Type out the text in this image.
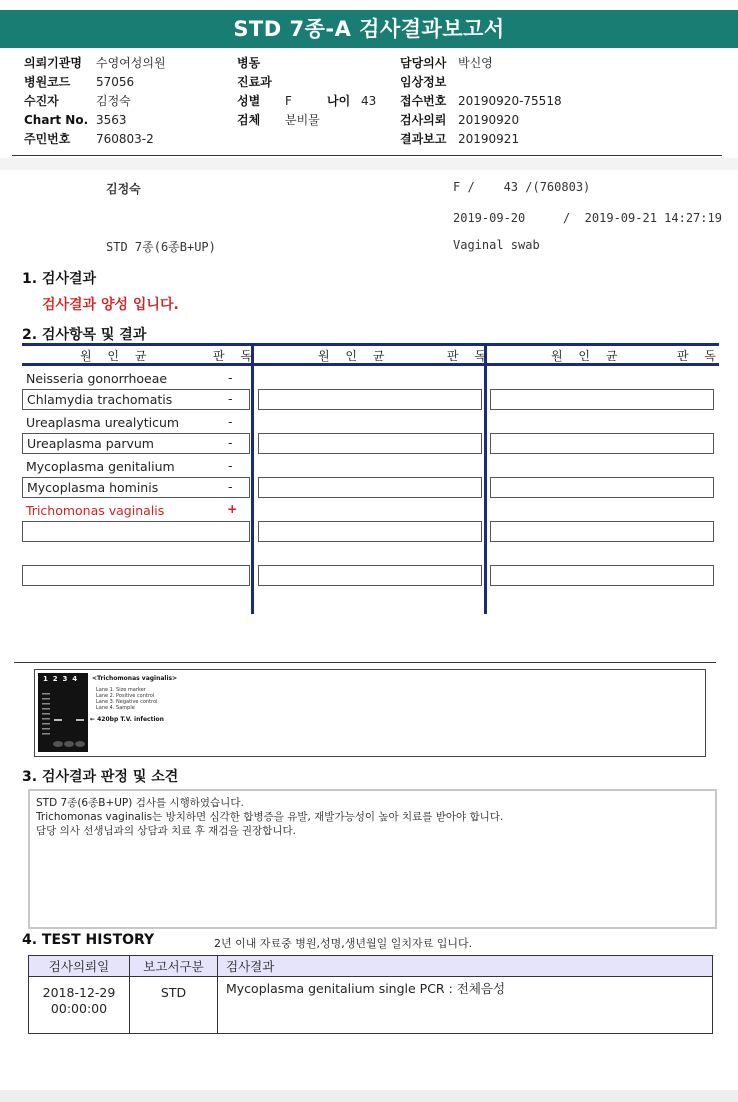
STD 7종-A 검사결과보고서
의뢰기관명 수영여성의원
병원코드 57056
수진자	김정숙
Chart No. 3563
주민번호 760803-2
병동
진료과
성별 F	나이 43
검체 분비물
담당의사 박신영
임상정보
접수번호 20190920-75518
검사의뢰 20190920
결과보고 20190921
김정숙	F /    43 /(760803)
2019-09-20	/  2019-09-21 14:27:19
STD 7종(6종B+UP)	Vaginal swab
1. 검사결과
검사결과 양성 입니다.
2. 검사항목 및 결과
원 인 균	판 독	원 인 균	판 독	원 인 균	판 독
Neisseria gonorrhoeae	-
Chlamydia trachomatis	-
Ureaplasma urealyticum	-
Ureaplasma parvum	-
Mycoplasma genitalium	-
Mycoplasma hominis	-
Trichomonas vaginalis	+
1  2  3  4 <Trichomonas vaginalis>
Lane 1. Size marker
Lane 2. Positive control
Lane 3. Negative control
Lane 4. Sample
← 420bp T.V. infection
3. 검사결과 판정 및 소견
STD 7종(6종B+UP) 검사를 시행하였습니다.
Trichomonas vaginalis는 방치하면 심각한 합병증을 유발, 재발가능성이 높아 치료를 받아야 합니다.
담당 의사 선생님과의 상담과 치료 후 재검을 권장합니다.
4. TEST HISTORY	2년 이내 자료중 병원,성명,생년월일 일치자료 입니다.
검사의뢰일	보고서구분	검사결과

2018-12-29
00:00:00	STD	Mycoplasma genitalium single PCR : 전체음성
